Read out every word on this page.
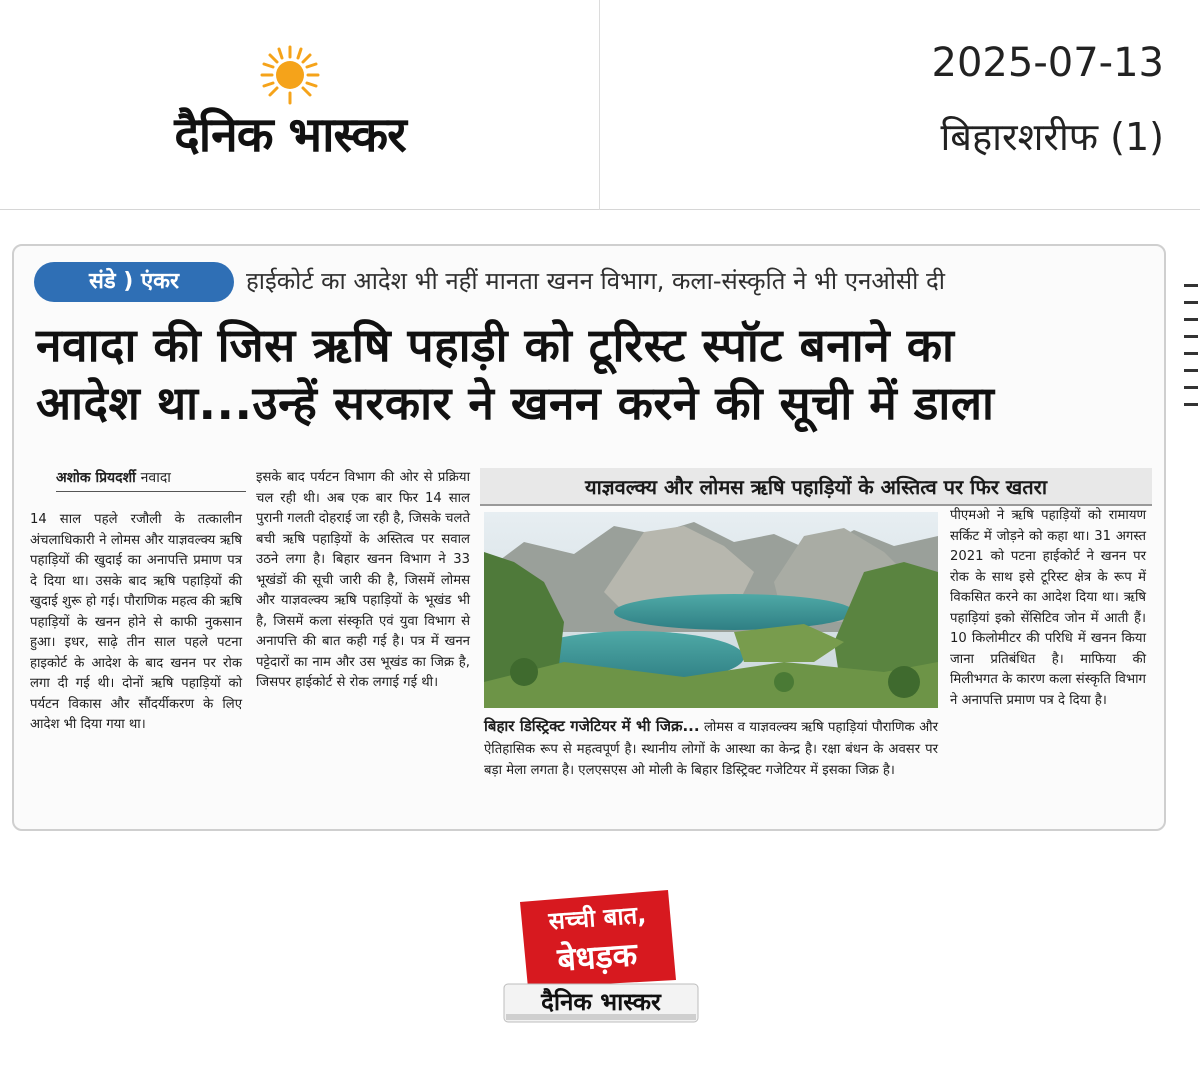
दैनिक भास्कर
2025-07-13
बिहारशरीफ (1)
संडे ) एंकर	हाईकोर्ट का आदेश भी नहीं मानता खनन विभाग, कला-संस्कृति ने भी एनओसी दी
नवादा की जिस ऋषि पहाड़ी को टूरिस्ट स्पॉट बनाने का
आदेश था...उन्हें सरकार ने खनन करने की सूची में डाला
अशोक प्रियदर्शी नवादा
14 साल पहले रजौली के तत्कालीन अंचलाधिकारी ने लोमस और याज्ञवल्क्य ऋषि पहाड़ियों की खुदाई का अनापत्ति प्रमाण पत्र दे दिया था। उसके बाद ऋषि पहाड़ियों की खुदाई शुरू हो गई। पौराणिक महत्व की ऋषि पहाड़ियों के खनन होने से काफी नुकसान हुआ। इधर, साढ़े तीन साल पहले पटना हाइकोर्ट के आदेश के बाद खनन पर रोक लगा दी गई थी। दोनों ऋषि पहाड़ियों को पर्यटन विकास और सौंदर्यीकरण के लिए आदेश भी दिया गया था।
इसके बाद पर्यटन विभाग की ओर से प्रक्रिया चल रही थी। अब एक बार फिर 14 साल पुरानी गलती दोहराई जा रही है, जिसके चलते बची ऋषि पहाड़ियों के अस्तित्व पर सवाल उठने लगा है। बिहार खनन विभाग ने 33 भूखंडों की सूची जारी की है, जिसमें लोमस और याज्ञवल्क्य ऋषि पहाड़ियों के भूखंड भी है, जिसमें कला संस्कृति एवं युवा विभाग से अनापत्ति की बात कही गई है। पत्र में खनन पट्टेदारों का नाम और उस भूखंड का जिक्र है, जिसपर हाईकोर्ट से रोक लगाई गई थी।
याज्ञवल्क्य और लोमस ऋषि पहाड़ियों के अस्तित्व पर फिर खतरा
बिहार डिस्ट्रिक्ट गजेटियर में भी जिक्र... लोमस व याज्ञवल्क्य ऋषि पहाड़ियां पौराणिक और ऐतिहासिक रूप से महत्वपूर्ण है। स्थानीय लोगों के आस्था का केन्द्र है। रक्षा बंधन के अवसर पर बड़ा मेला लगता है। एलएसएस ओ मोली के बिहार डिस्ट्रिक्ट गजेटियर में इसका जिक्र है।
पीएमओ ने ऋषि पहाड़ियों को रामायण सर्किट में जोड़ने को कहा था। 31 अगस्त 2021 को पटना हाईकोर्ट ने खनन पर रोक के साथ इसे टूरिस्ट क्षेत्र के रूप में विकसित करने का आदेश दिया था। ऋषि पहाड़ियां इको सेंसिटिव जोन में आती हैं। 10 किलोमीटर की परिधि में खनन किया जाना प्रतिबंधित है। माफिया की मिलीभगत के कारण कला संस्कृति विभाग ने अनापत्ति प्रमाण पत्र दे दिया है।
सच्ची बात,
बेधड़क
दैनिक भास्कर
